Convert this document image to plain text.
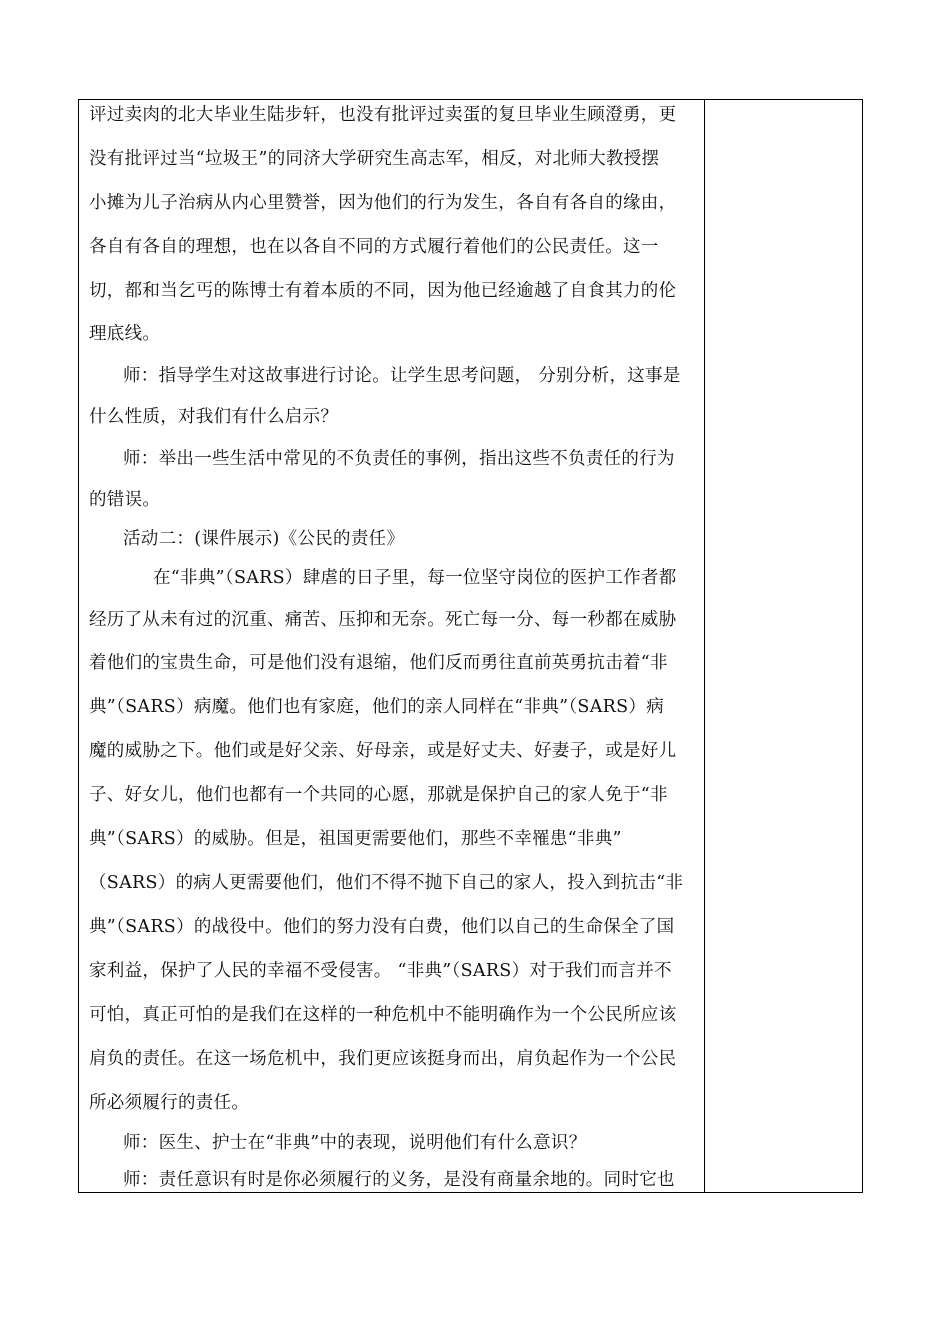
评过卖肉的北大毕业生陆步轩，也没有批评过卖蛋的复旦毕业生顾澄勇，更
没有批评过当“垃圾王”的同济大学研究生高志军，相反，对北师大教授摆
小摊为儿子治病从内心里赞誉，因为他们的行为发生，各自有各自的缘由，
各自有各自的理想，也在以各自不同的方式履行着他们的公民责任。这一
切，都和当乞丐的陈博士有着本质的不同，因为他已经逾越了自食其力的伦
理底线。
师：指导学生对这故事进行讨论。让学生思考问题， 分别分析，这事是
什么性质，对我们有什么启示？
师：举出一些生活中常见的不负责任的事例，指出这些不负责任的行为
的错误。
活动二：(课件展示)《公民的责任》
在“非典”（SARS）肆虐的日子里，每一位坚守岗位的医护工作者都
经历了从未有过的沉重、痛苦、压抑和无奈。死亡每一分、每一秒都在威胁
着他们的宝贵生命，可是他们没有退缩，他们反而勇往直前英勇抗击着“非
典”（SARS）病魔。他们也有家庭，他们的亲人同样在“非典”（SARS）病
魔的威胁之下。他们或是好父亲、好母亲，或是好丈夫、好妻子，或是好儿
子、好女儿，他们也都有一个共同的心愿，那就是保护自己的家人免于“非
典”（SARS）的威胁。但是，祖国更需要他们，那些不幸罹患“非典”
（SARS）的病人更需要他们，他们不得不抛下自己的家人，投入到抗击“非
典”（SARS）的战役中。他们的努力没有白费，他们以自己的生命保全了国
家利益，保护了人民的幸福不受侵害。 “非典”（SARS）对于我们而言并不
可怕，真正可怕的是我们在这样的一种危机中不能明确作为一个公民所应该
肩负的责任。在这一场危机中，我们更应该挺身而出，肩负起作为一个公民
所必须履行的责任。
师：医生、护士在“非典”中的表现，说明他们有什么意识？
师：责任意识有时是你必须履行的义务，是没有商量余地的。同时它也
